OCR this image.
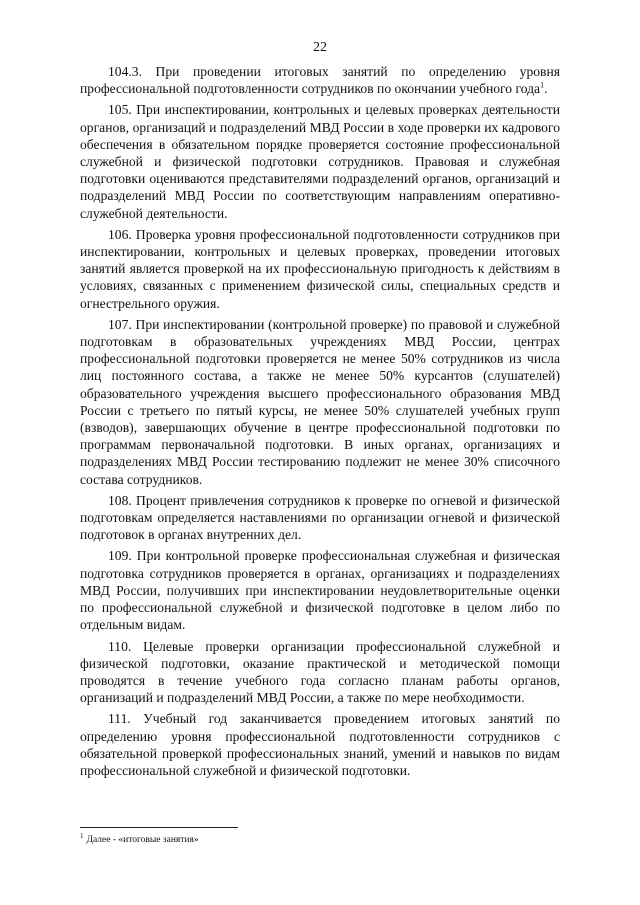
22

104.3. При проведении итоговых занятий по определению уровня профессиональной подготовленности сотрудников по окончании учебного года$^1$.

105. При инспектировании, контрольных и целевых проверках деятельности органов, организаций и подразделений МВД России в ходе проверки их кадрового обеспечения в обязательном порядке проверяется состояние профессиональной служебной и физической подготовки сотрудников. Правовая и служебная подготовки оцениваются представителями подразделений органов, организаций и подразделений МВД России по соответствующим направлениям оперативно-служебной деятельности.

106. Проверка уровня профессиональной подготовленности сотрудников при инспектировании, контрольных и целевых проверках, проведении итоговых занятий является проверкой на их профессиональную пригодность к действиям в условиях, связанных с применением физической силы, специальных средств и огнестрельного оружия.

107. При инспектировании (контрольной проверке) по правовой и служебной подготовкам в образовательных учреждениях МВД России, центрах профессиональной подготовки проверяется не менее 50% сотрудников из числа лиц постоянного состава, а также не менее 50% курсантов (слушателей) образовательного учреждения высшего профессионального образования МВД России с третьего по пятый курсы, не менее 50% слушателей учебных групп (взводов), завершающих обучение в центре профессиональной подготовки по программам первоначальной подготовки. В иных органах, организациях и подразделениях МВД России тестированию подлежит не менее 30% списочного состава сотрудников.

108. Процент привлечения сотрудников к проверке по огневой и физической подготовкам определяется наставлениями по организации огневой и физической подготовок в органах внутренних дел.

109. При контрольной проверке профессиональная служебная и физическая подготовка сотрудников проверяется в органах, организациях и подразделениях МВД России, получивших при инспектировании неудовлетворительные оценки по профессиональной служебной и физической подготовке в целом либо по отдельным видам.

110. Целевые проверки организации профессиональной служебной и физической подготовки, оказание практической и методической помощи проводятся в течение учебного года согласно планам работы органов, организаций и подразделений МВД России, а также по мере необходимости.

111. Учебный год заканчивается проведением итоговых занятий по определению уровня профессиональной подготовленности сотрудников с обязательной проверкой профессиональных знаний, умений и навыков по видам профессиональной служебной и физической подготовки.

$^1$ Далее - «итоговые занятия»
